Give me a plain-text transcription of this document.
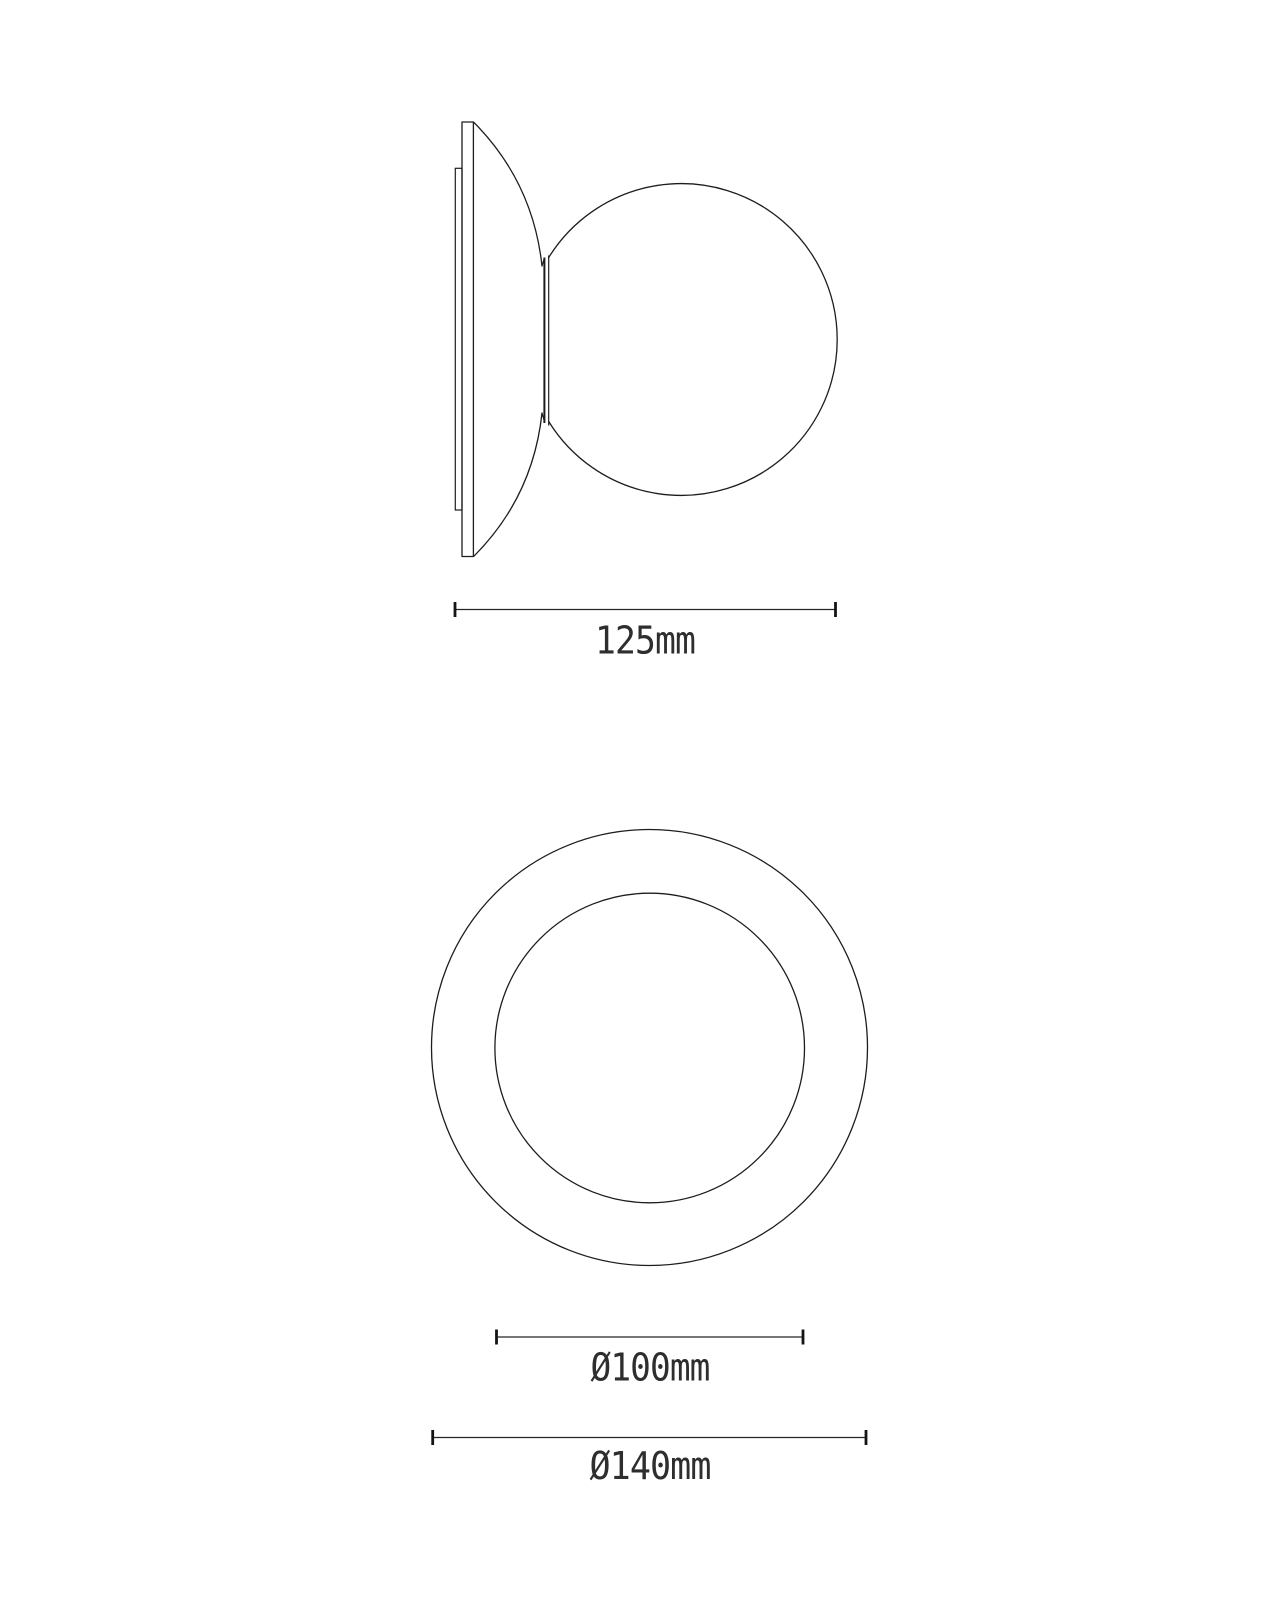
125mm
Ø100mm
Ø140mm
